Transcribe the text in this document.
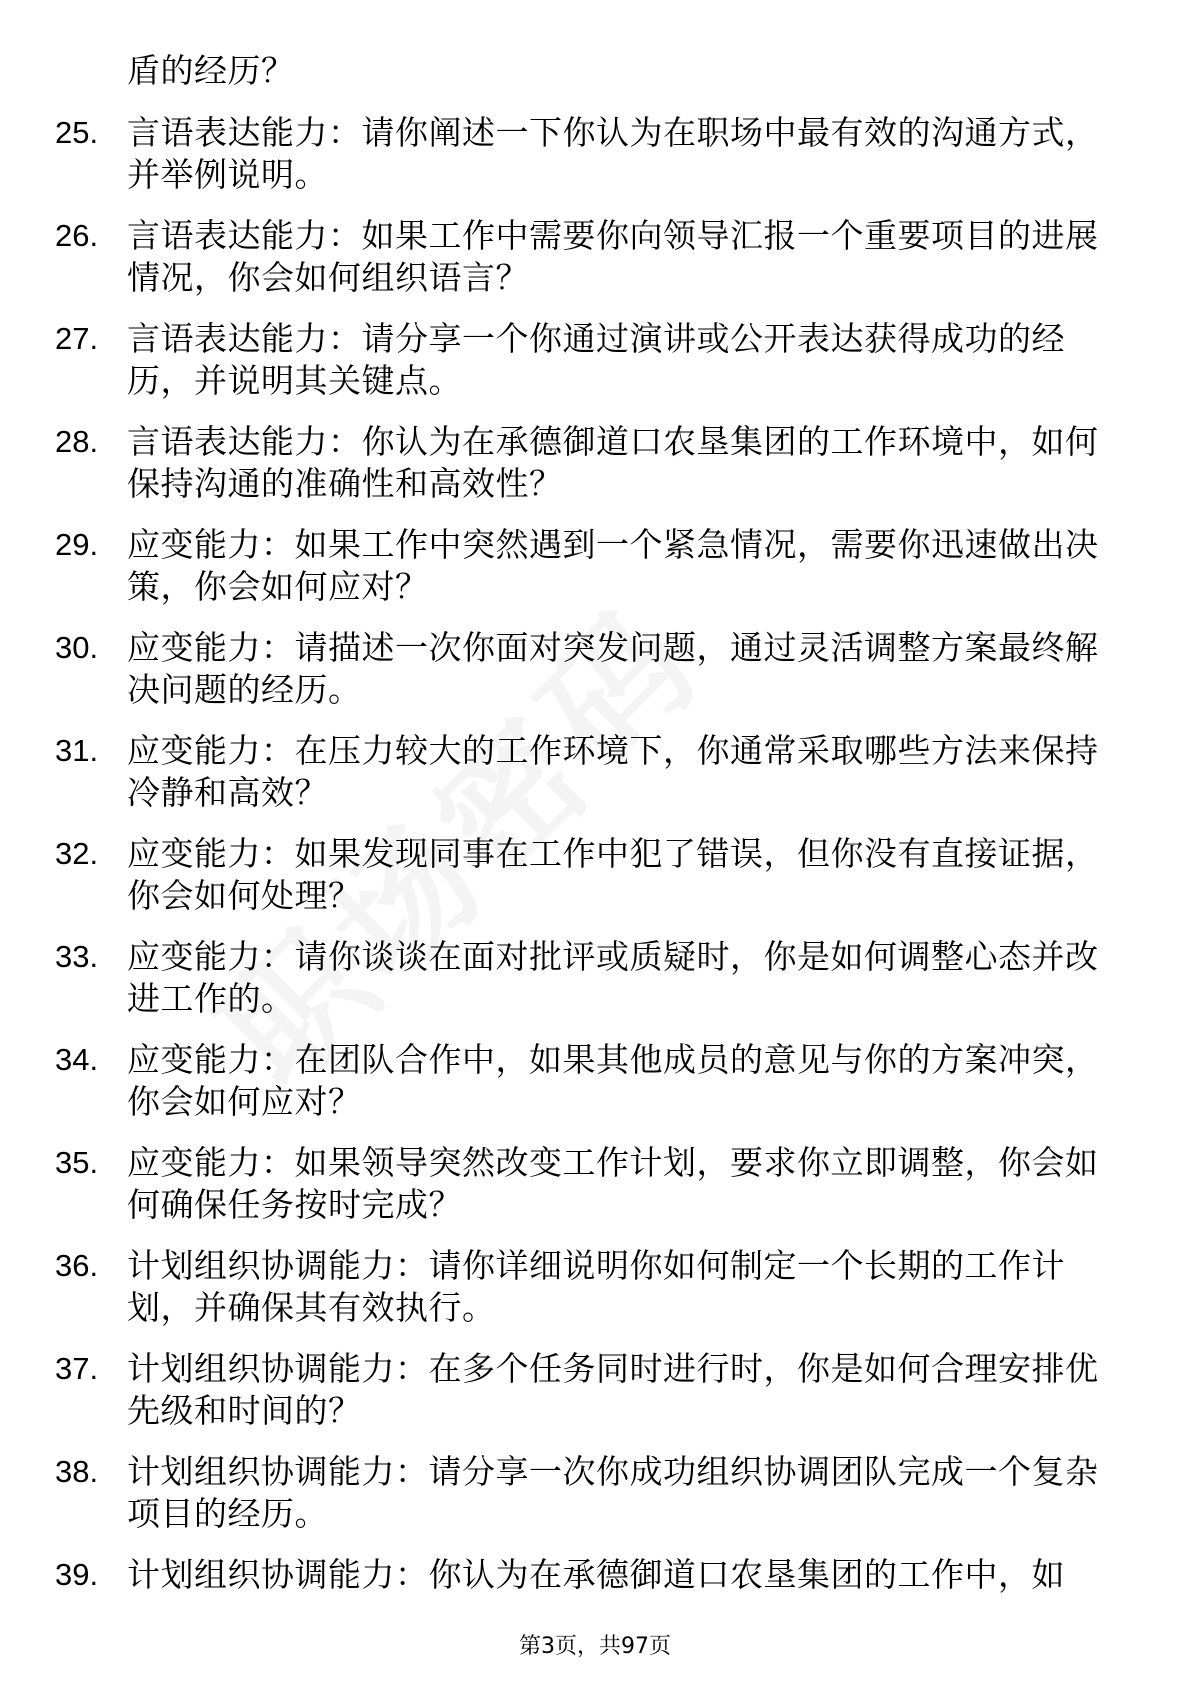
盾的经历？
25. 言语表达能力：请你阐述一下你认为在职场中最有效的沟通方式，并举例说明。
26. 言语表达能力：如果工作中需要你向领导汇报一个重要项目的进展情况，你会如何组织语言？
27. 言语表达能力：请分享一个你通过演讲或公开表达获得成功的经历，并说明其关键点。
28. 言语表达能力：你认为在承德御道口农垦集团的工作环境中，如何保持沟通的准确性和高效性？
29. 应变能力：如果工作中突然遇到一个紧急情况，需要你迅速做出决策，你会如何应对？
30. 应变能力：请描述一次你面对突发问题，通过灵活调整方案最终解决问题的经历。
31. 应变能力：在压力较大的工作环境下，你通常采取哪些方法来保持冷静和高效？
32. 应变能力：如果发现同事在工作中犯了错误，但你没有直接证据，你会如何处理？
33. 应变能力：请你谈谈在面对批评或质疑时，你是如何调整心态并改进工作的。
34. 应变能力：在团队合作中，如果其他成员的意见与你的方案冲突，你会如何应对？
35. 应变能力：如果领导突然改变工作计划，要求你立即调整，你会如何确保任务按时完成？
36. 计划组织协调能力：请你详细说明你如何制定一个长期的工作计划，并确保其有效执行。
37. 计划组织协调能力：在多个任务同时进行时，你是如何合理安排优先级和时间的？
38. 计划组织协调能力：请分享一次你成功组织协调团队完成一个复杂项目的经历。
39. 计划组织协调能力：你认为在承德御道口农垦集团的工作中，如
第3页，共97页
